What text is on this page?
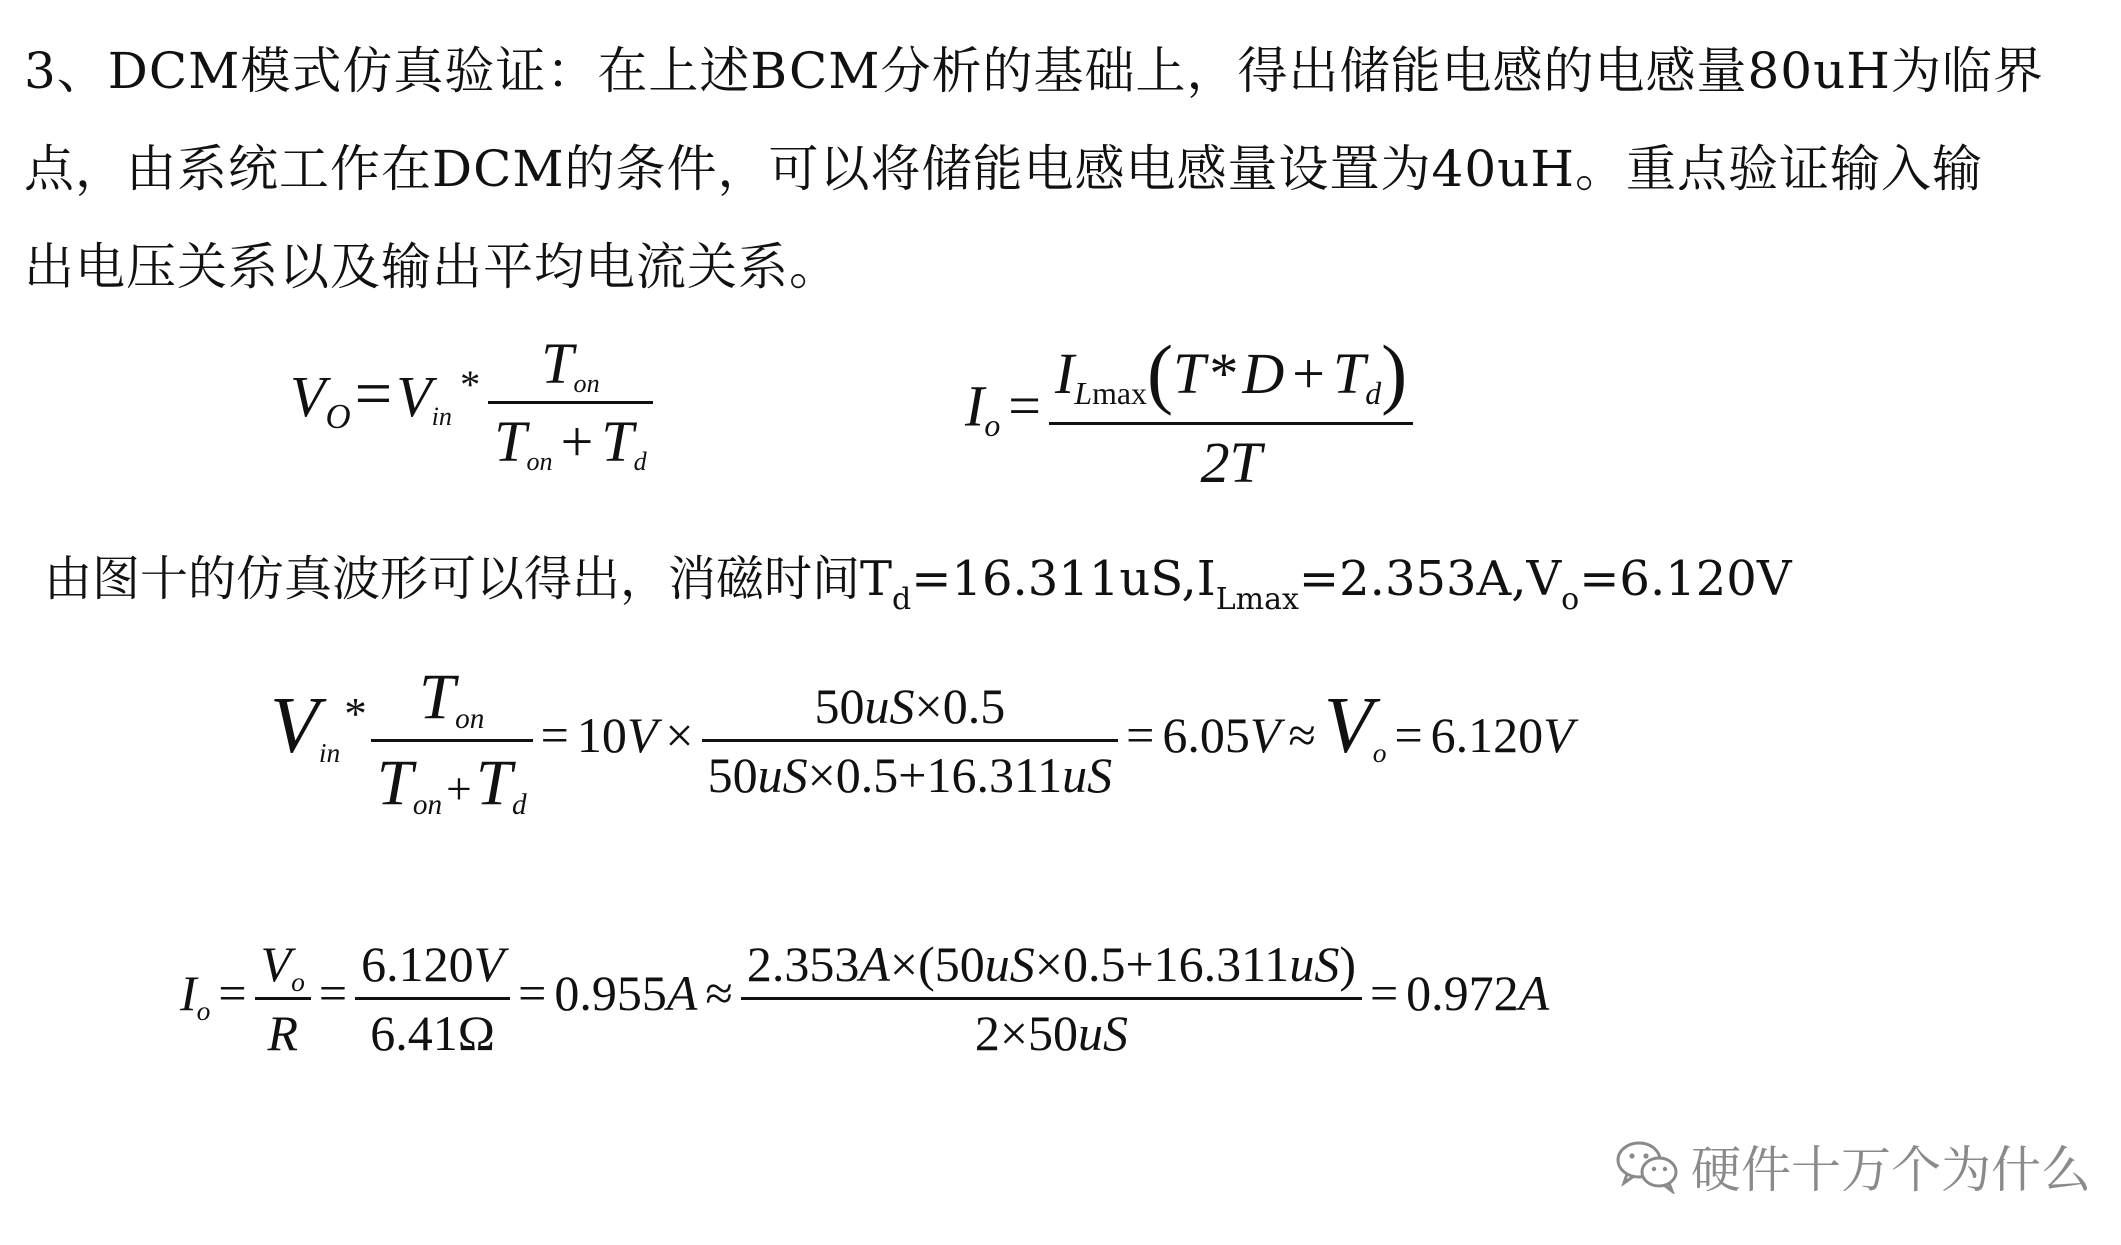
3、DCM模式仿真验证：在上述BCM分析的基础上，得出储能电感的电感量80uH为临界
点，由系统工作在DCM的条件，可以将储能电感电感量设置为40uH。重点验证输入输
出电压关系以及输出平均电流关系。
$V_O=Vin^* \frac{\text{Ton}}{\text{Ton + Td}}$	$Io = \frac{ILmax(T*D + Td)}{2T}$
由图十的仿真波形可以得出，消磁时间$T_d=16.311uS,I_{Lmax}=2.353A,V_o=6.120V$
$Vin* \frac{\text{Ton}}{\text{Ton+Td}} = 10V \times \frac{50uS\times 0.5}{50uS\times 0.5+16.311uS} = 6.05V \approx Vo = 6.120V$
$Io = \frac{Vo}{R} = \frac{6.120V}{6.41\Omega} = 0.955A \approx \frac{2.353A\times(50uS\times 0.5+16.311uS)}{2\times 50uS} = 0.972A$
硬件十万个为什么
